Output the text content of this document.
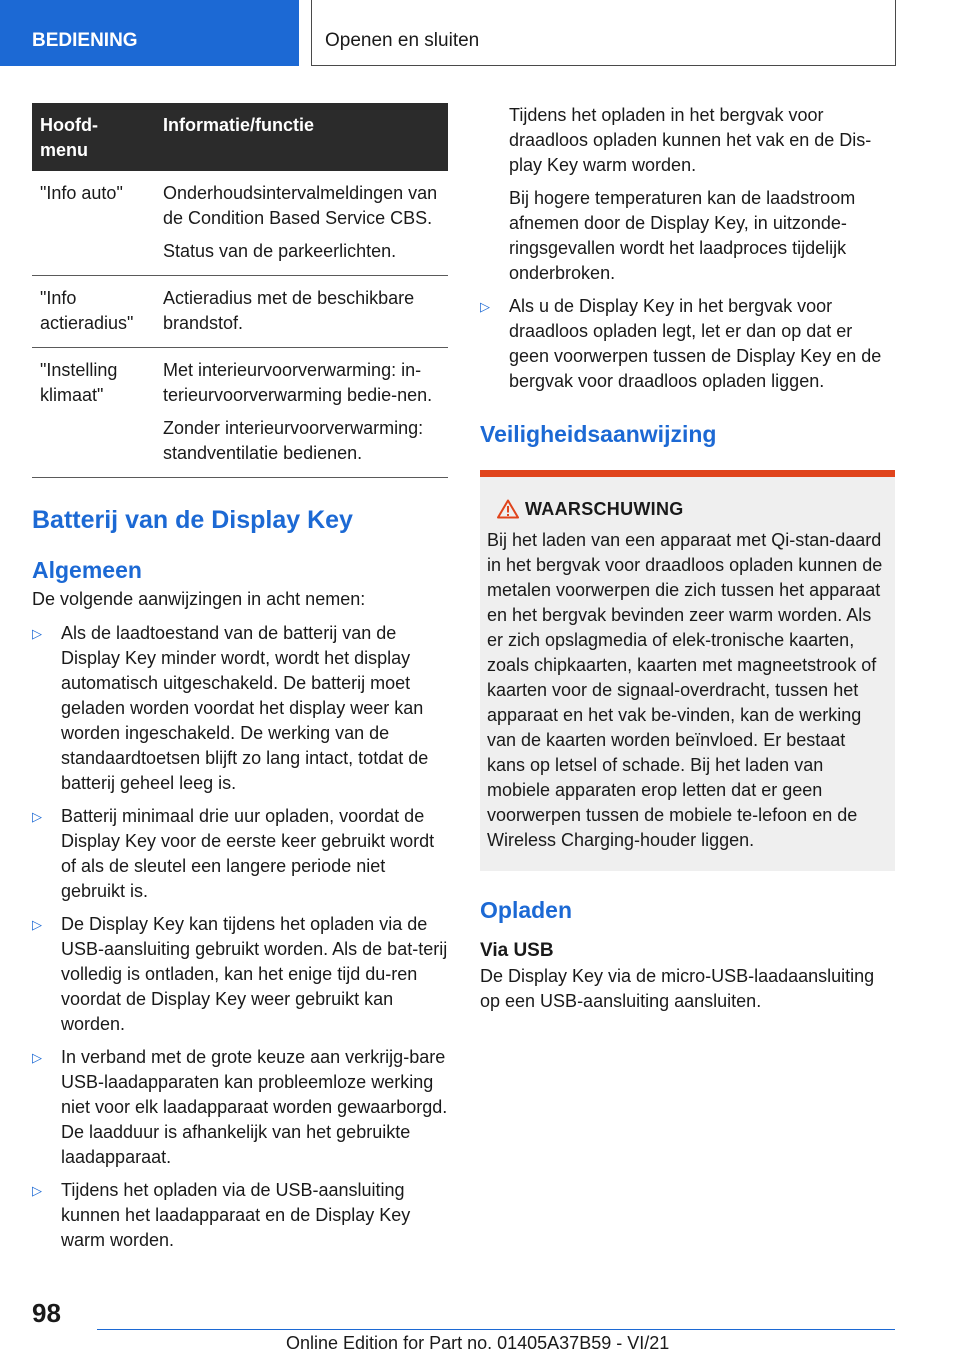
BEDIENING	Openen en sluiten
Hoofd-
menu	Informatie/functie
"Info auto"	Onderhoudsintervalmeldingen van de Condition Based Service CBS.

Status van de parkeerlichten.

"Info actieradius"	Actieradius met de beschikbare brandstof.

"Instelling klimaat"	Met interieurvoorverwarming: in-terieurvoorverwarming bedie-nen.

Zonder interieurvoorverwarming: standventilatie bedienen.

Batterij van de Display Key
Algemeen
De volgende aanwijzingen in acht nemen:
▷	Als de laadtoestand van de batterij van de Display Key minder wordt, wordt het display automatisch uitgeschakeld. De batterij moet geladen worden voordat het display weer kan worden ingeschakeld. De werking van de standaardtoetsen blijft zo lang intact, totdat de batterij geheel leeg is.
▷	Batterij minimaal drie uur opladen, voordat de Display Key voor de eerste keer gebruikt wordt of als de sleutel een langere periode niet gebruikt is.
▷	De Display Key kan tijdens het opladen via de USB-aansluiting gebruikt worden. Als de bat-terij volledig is ontladen, kan het enige tijd du-ren voordat de Display Key weer gebruikt kan worden.
▷	In verband met de grote keuze aan verkrijg-bare USB-laadapparaten kan probleemloze werking niet voor elk laadapparaat worden gewaarborgd. De laadduur is afhankelijk van het gebruikte laadapparaat.
▷	Tijdens het opladen via de USB-aansluiting kunnen het laadapparaat en de Display Key warm worden.

Tijdens het opladen in het bergvak voor draadloos opladen kunnen het vak en de Dis-play Key warm worden.

Bij hogere temperaturen kan de laadstroom afnemen door de Display Key, in uitzonde-ringsgevallen wordt het laadproces tijdelijk onderbroken.

▷	Als u de Display Key in het bergvak voor draadloos opladen legt, let er dan op dat er geen voorwerpen tussen de Display Key en de bergvak voor draadloos opladen liggen.
Veiligheidsaanwijzing
WAARSCHUWING
Bij het laden van een apparaat met Qi-stan-daard in het bergvak voor draadloos opladen kunnen de metalen voorwerpen die zich tussen het apparaat en het bergvak bevinden zeer warm worden. Als er zich opslagmedia of elek-tronische kaarten, zoals chipkaarten, kaarten met magneetstrook of kaarten voor de signaal-overdracht, tussen het apparaat en het vak be-vinden, kan de werking van de kaarten worden beïnvloed. Er bestaat kans op letsel of schade. Bij het laden van mobiele apparaten erop letten dat er geen voorwerpen tussen de mobiele te-lefoon en de Wireless Charging-houder liggen.
Opladen
Via USB
De Display Key via de micro-USB-laadaansluiting op een USB-aansluiting aansluiten.
98
Online Edition for Part no. 01405A37B59 - VI/21
